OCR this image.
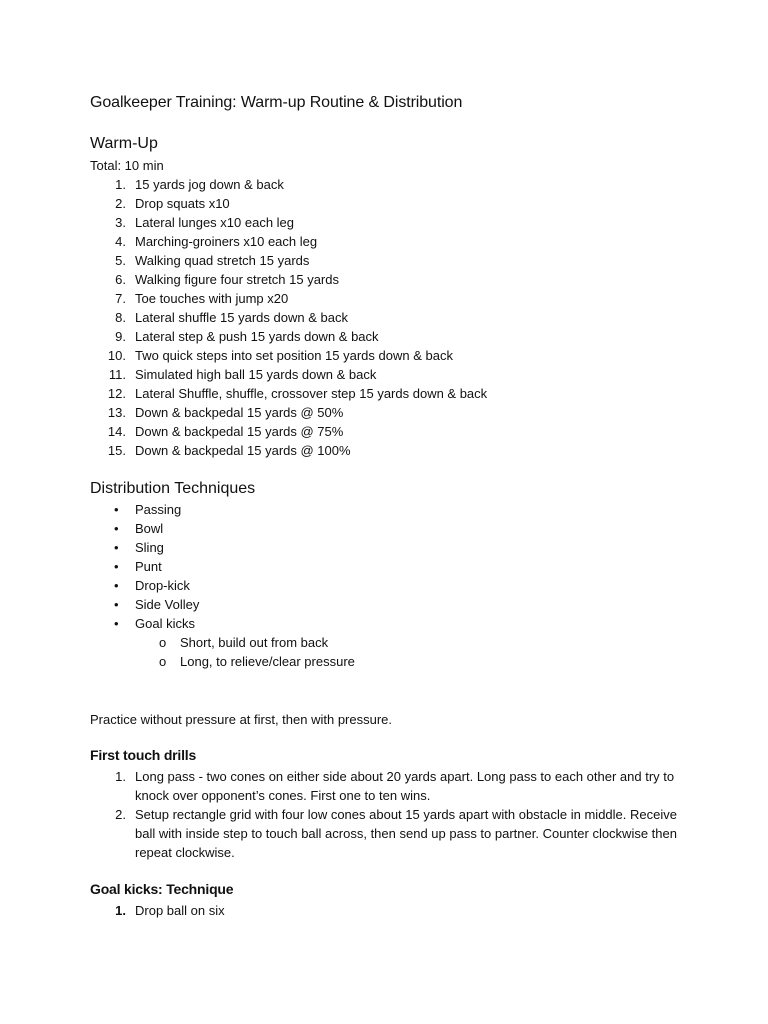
Goalkeeper Training: Warm-up Routine & Distribution
Warm-Up
Total: 10 min
1. 15 yards jog down & back
2. Drop squats x10
3. Lateral lunges x10 each leg
4. Marching-groiners x10 each leg
5. Walking quad stretch 15 yards
6. Walking figure four stretch 15 yards
7. Toe touches with jump x20
8. Lateral shuffle 15 yards down & back
9. Lateral step & push 15 yards down & back
10. Two quick steps into set position 15 yards down & back
11. Simulated high ball 15 yards down & back
12. Lateral Shuffle, shuffle, crossover step 15 yards down & back
13. Down & backpedal 15 yards @ 50%
14. Down & backpedal 15 yards @ 75%
15. Down & backpedal 15 yards @ 100%
Distribution Techniques
• Passing
• Bowl
• Sling
• Punt
• Drop-kick
• Side Volley
• Goal kicks
o Short, build out from back
o Long, to relieve/clear pressure
Practice without pressure at first, then with pressure.
First touch drills
1. Long pass - two cones on either side about 20 yards apart. Long pass to each other and try to knock over opponent’s cones. First one to ten wins.
2. Setup rectangle grid with four low cones about 15 yards apart with obstacle in middle. Receive ball with inside step to touch ball across, then send up pass to partner. Counter clockwise then repeat clockwise.
Goal kicks: Technique
1. Drop ball on six
